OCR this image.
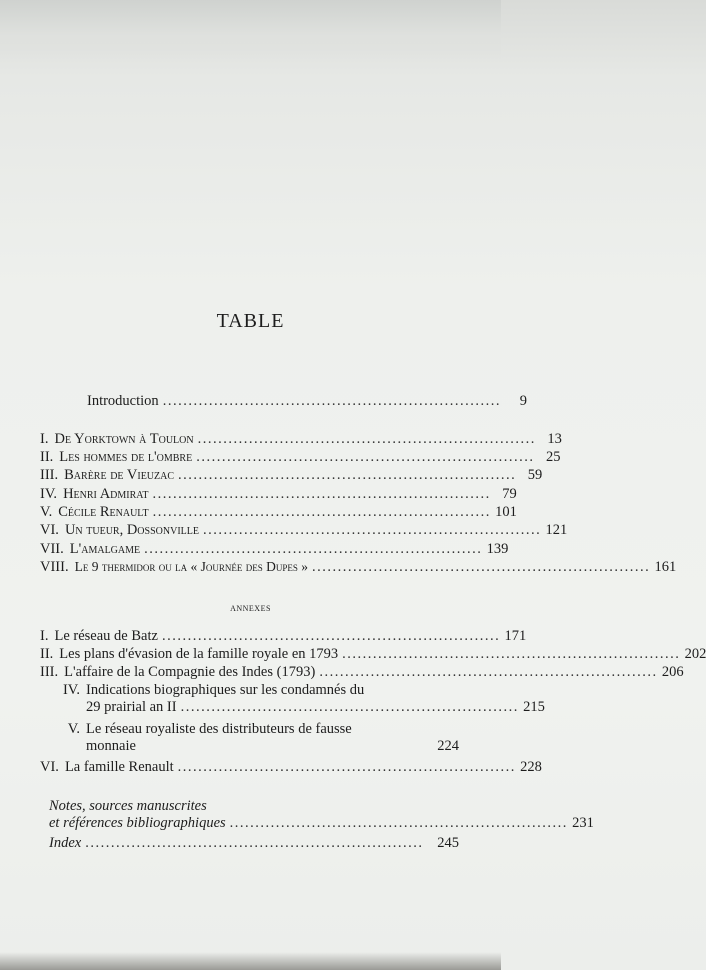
TABLE
Introduction ..................................................................	9
I. De Yorktown à Toulon .................................................................. 13
II. Les hommes de l'ombre .................................................................. 25
III. Barère de Vieuzac .................................................................. 59
IV. Henri Admirat .................................................................. 79
V. Cécile Renault .................................................................. 101
VI. Un tueur, Dossonville .................................................................. 121
VII. L'amalgame .................................................................. 139
VIII. Le 9 thermidor ou la « Journée des Dupes » .................................................................. 161
annexes
I. Le réseau de Batz .................................................................. 171
II. Les plans d'évasion de la famille royale en 1793 .................................................................. 202
III. L'affaire de la Compagnie des Indes (1793) .................................................................. 206
IV. Indications biographiques sur les condamnés du
29 prairial an II .................................................................. 215
V. Le réseau royaliste des distributeurs de fausse
monnaie	224
VI. La famille Renault .................................................................. 228
Notes, sources manuscrites
et références bibliographiques .................................................................. 231
Index .................................................................. 245
